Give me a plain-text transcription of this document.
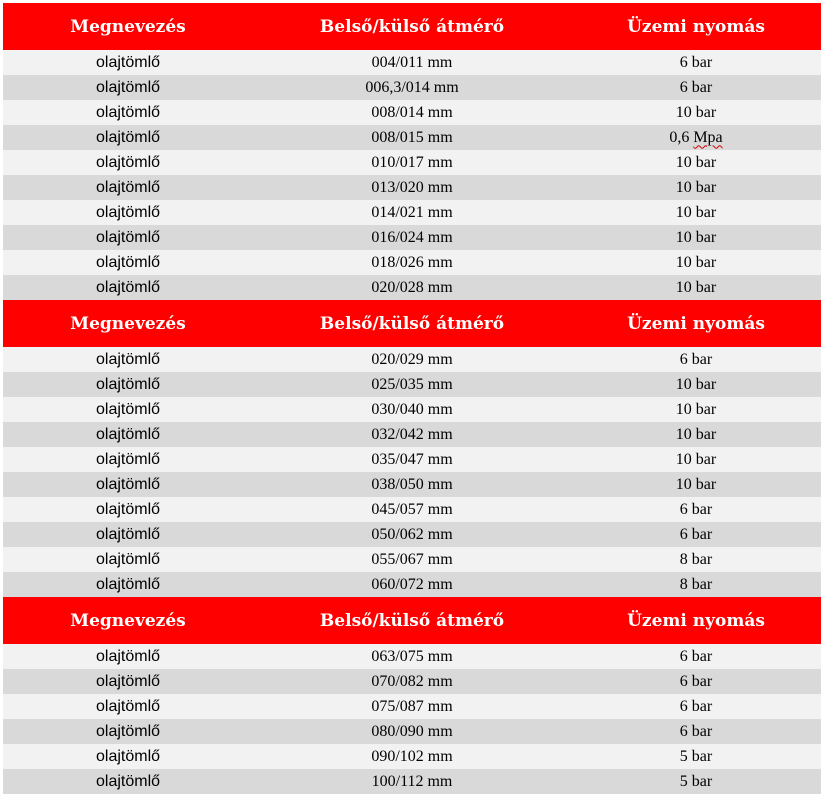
Megnevezés	Belső/külső átmérő	Üzemi nyomás
olajtömlő	004/011 mm	6 bar
olajtömlő	006,3/014 mm	6 bar
olajtömlő	008/014 mm	10 bar
olajtömlő	008/015 mm	0,6 Mpa
olajtömlő	010/017 mm	10 bar
olajtömlő	013/020 mm	10 bar
olajtömlő	014/021 mm	10 bar
olajtömlő	016/024 mm	10 bar
olajtömlő	018/026 mm	10 bar
olajtömlő	020/028 mm	10 bar
Megnevezés	Belső/külső átmérő	Üzemi nyomás
olajtömlő	020/029 mm	6 bar
olajtömlő	025/035 mm	10 bar
olajtömlő	030/040 mm	10 bar
olajtömlő	032/042 mm	10 bar
olajtömlő	035/047 mm	10 bar
olajtömlő	038/050 mm	10 bar
olajtömlő	045/057 mm	6 bar
olajtömlő	050/062 mm	6 bar
olajtömlő	055/067 mm	8 bar
olajtömlő	060/072 mm	8 bar
Megnevezés	Belső/külső átmérő	Üzemi nyomás
olajtömlő	063/075 mm	6 bar
olajtömlő	070/082 mm	6 bar
olajtömlő	075/087 mm	6 bar
olajtömlő	080/090 mm	6 bar
olajtömlő	090/102 mm	5 bar
olajtömlő	100/112 mm	5 bar
